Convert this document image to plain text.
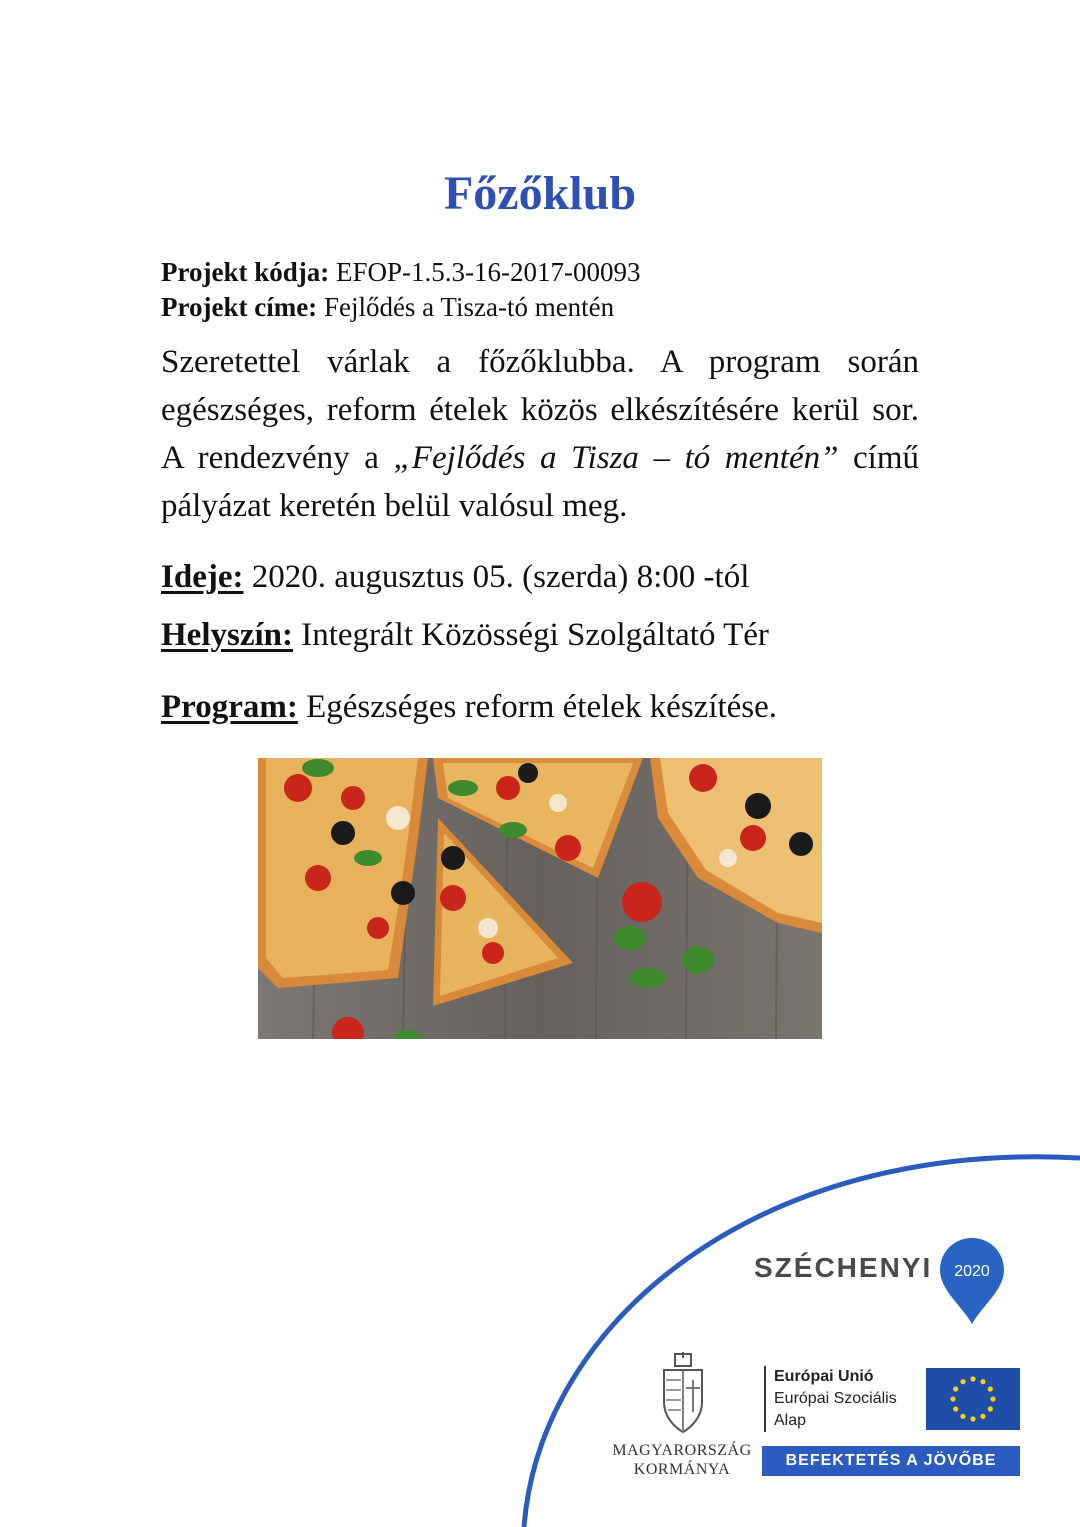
Főzőklub
Projekt kódja: EFOP-1.5.3-16-2017-00093
Projekt címe: Fejlődés a Tisza-tó mentén

Szeretettel várlak a főzőklubba. A program során egészséges, reform ételek közös elkészítésére kerül sor. A rendezvény a „Fejlődés a Tisza – tó mentén” című pályázat keretén belül valósul meg.

Ideje: 2020. augusztus 05. (szerda) 8:00 -tól
Helyszín: Integrált Közösségi Szolgáltató Tér
Program: Egészséges reform ételek készítése.
SZÉCHENYI 2020
MAGYARORSZÁG
KORMÁNYA
Európai Unió
Európai Szociális
Alap
BEFEKTETÉS A JÖVŐBE
